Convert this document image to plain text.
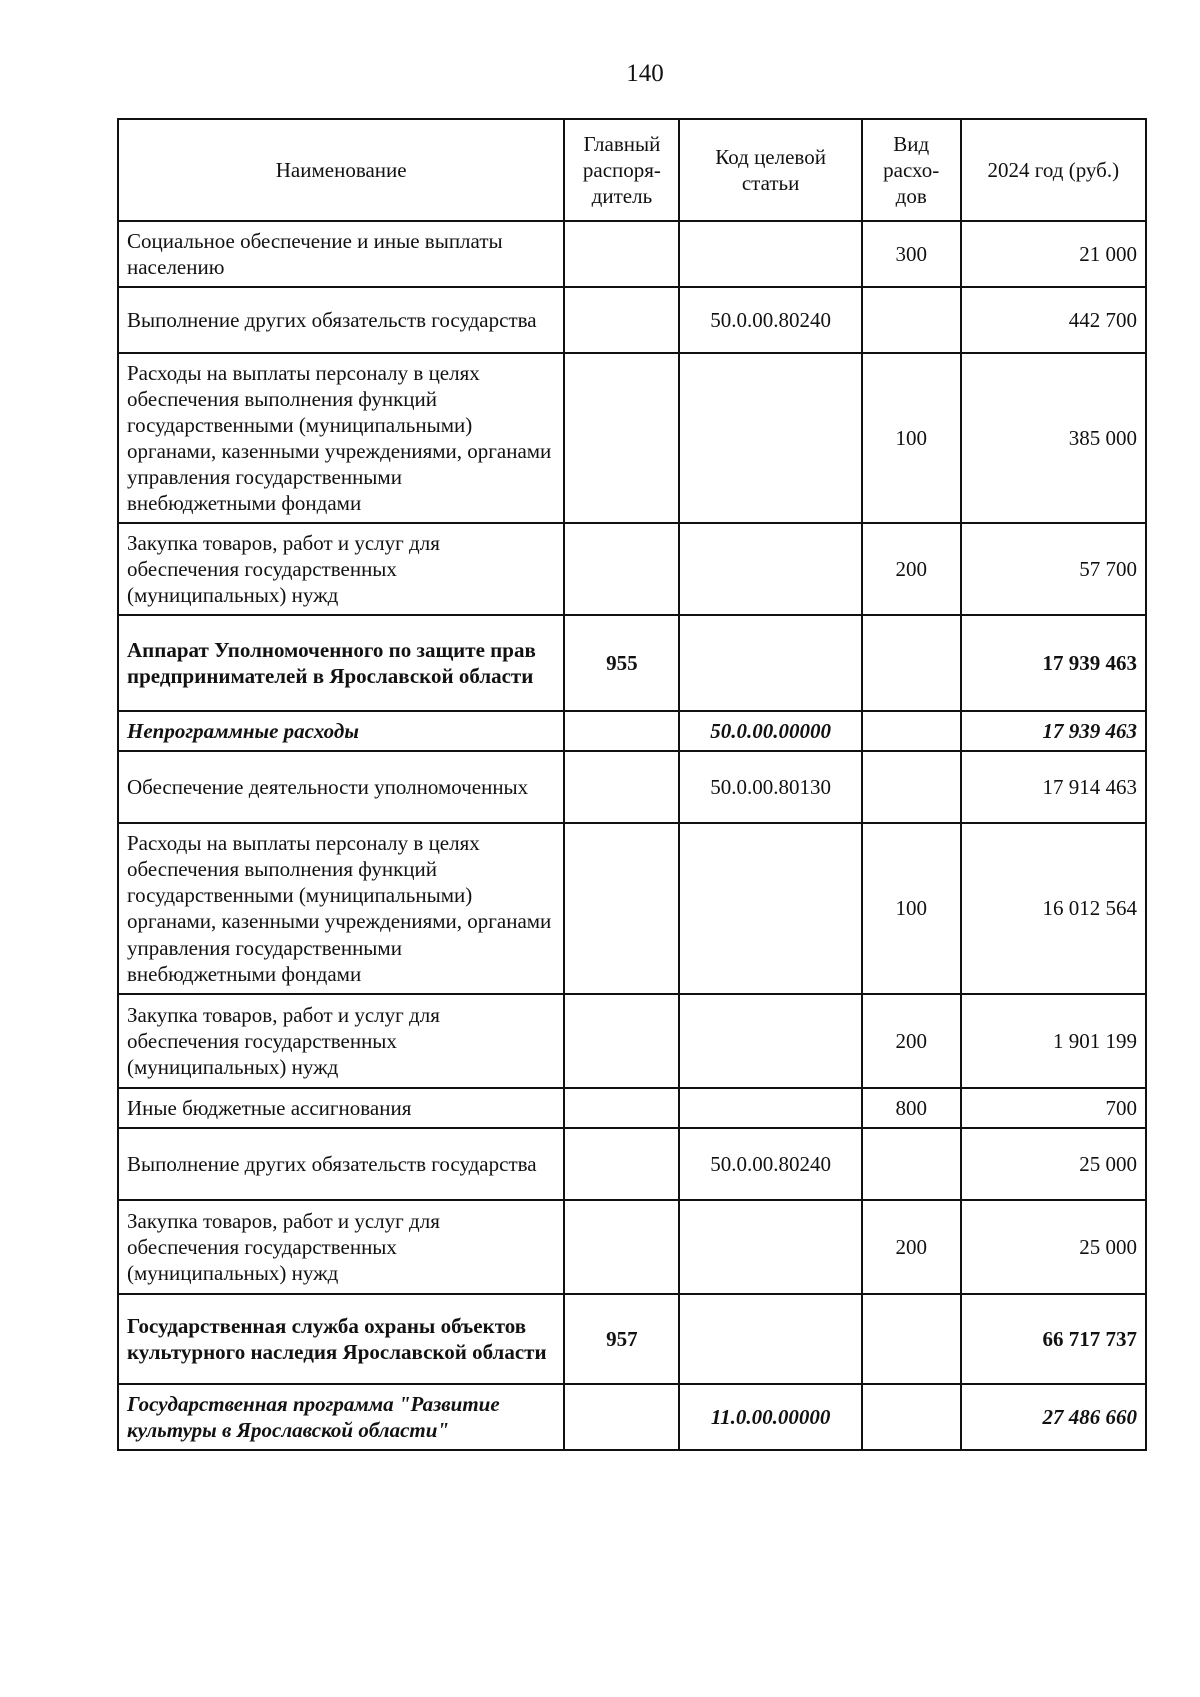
140
Наименование	Главный распоря-дитель	Код целевой статьи	Вид расхо-дов	2024 год (руб.)
Социальное обеспечение и иные выплаты населению			300	21 000
Выполнение других обязательств государства		50.0.00.80240		442 700
Расходы на выплаты персоналу в целях обеспечения выполнения функций государственными (муниципальными) органами, казенными учреждениями, органами управления государственными внебюджетными фондами			100	385 000
Закупка товаров, работ и услуг для обеспечения государственных (муниципальных) нужд			200	57 700
Аппарат Уполномоченного по защите прав предпринимателей в Ярославской области	955			17 939 463
Непрограммные расходы		50.0.00.00000		17 939 463
Обеспечение деятельности уполномоченных		50.0.00.80130		17 914 463
Расходы на выплаты персоналу в целях обеспечения выполнения функций государственными (муниципальными) органами, казенными учреждениями, органами управления государственными внебюджетными фондами			100	16 012 564
Закупка товаров, работ и услуг для обеспечения государственных (муниципальных) нужд			200	1 901 199
Иные бюджетные ассигнования			800	700
Выполнение других обязательств государства		50.0.00.80240		25 000
Закупка товаров, работ и услуг для обеспечения государственных (муниципальных) нужд			200	25 000
Государственная служба охраны объектов культурного наследия Ярославской области	957			66 717 737
Государственная программа "Развитие культуры в Ярославской области"		11.0.00.00000		27 486 660
